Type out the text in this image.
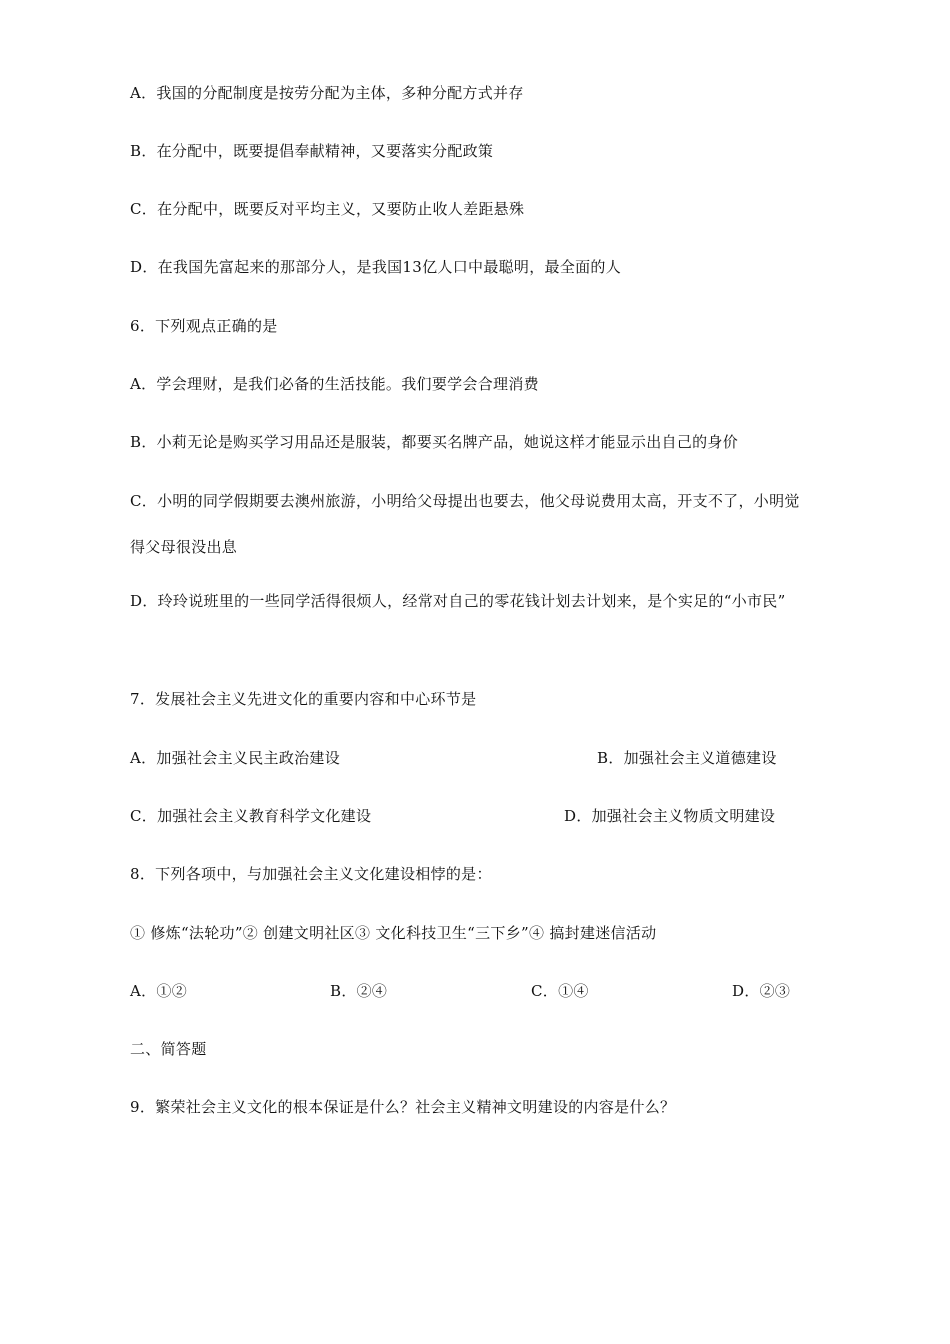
A．我国的分配制度是按劳分配为主体，多种分配方式并存
B．在分配中，既要提倡奉献精神，又要落实分配政策
C．在分配中，既要反对平均主义，又要防止收人差距悬殊
D．在我国先富起来的那部分人，是我国13亿人口中最聪明，最全面的人
6．下列观点正确的是
A．学会理财，是我们必备的生活技能。我们要学会合理消费
B．小莉无论是购买学习用品还是服装，都要买名牌产品，她说这样才能显示出自己的身价
C．小明的同学假期要去澳州旅游，小明给父母提出也要去，他父母说费用太高，开支不了，小明觉得父母很没出息
D．玲玲说班里的一些同学活得很烦人，经常对自己的零花钱计划去计划来，是个实足的“小市民”
7．发展社会主义先进文化的重要内容和中心环节是
A．加强社会主义民主政治建设	B．加强社会主义道德建设
C．加强社会主义教育科学文化建设	D．加强社会主义物质文明建设
8．下列各项中，与加强社会主义文化建设相悖的是：
① 修炼“法轮功”② 创建文明社区③ 文化科技卫生“三下乡”④ 搞封建迷信活动
A．①②	B．②④	C．①④	D．②③
二、简答题
9．繁荣社会主义文化的根本保证是什么？社会主义精神文明建设的内容是什么？
